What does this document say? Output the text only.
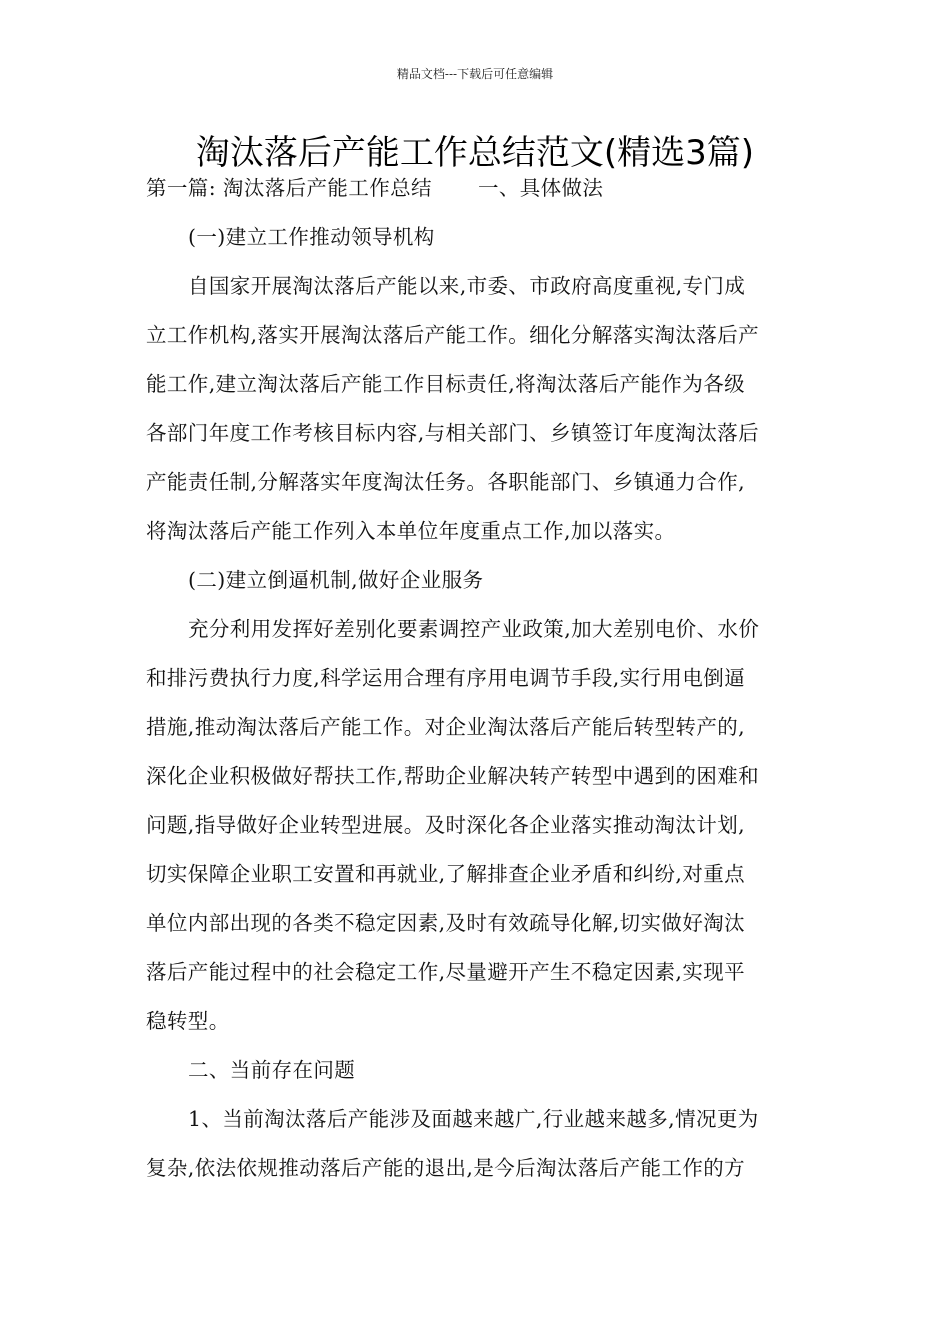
精品文档---下载后可任意编辑
淘汰落后产能工作总结范文(精选3篇)
第一篇: 淘汰落后产能工作总结 一、具体做法
(一)建立工作推动领导机构
自国家开展淘汰落后产能以来,市委、市政府高度重视,专门成
立工作机构,落实开展淘汰落后产能工作。细化分解落实淘汰落后产
能工作,建立淘汰落后产能工作目标责任,将淘汰落后产能作为各级
各部门年度工作考核目标内容,与相关部门、乡镇签订年度淘汰落后
产能责任制,分解落实年度淘汰任务。各职能部门、乡镇通力合作,
将淘汰落后产能工作列入本单位年度重点工作,加以落实。
(二)建立倒逼机制,做好企业服务
充分利用发挥好差别化要素调控产业政策,加大差别电价、水价
和排污费执行力度,科学运用合理有序用电调节手段,实行用电倒逼
措施,推动淘汰落后产能工作。对企业淘汰落后产能后转型转产的,
深化企业积极做好帮扶工作,帮助企业解决转产转型中遇到的困难和
问题,指导做好企业转型进展。及时深化各企业落实推动淘汰计划,
切实保障企业职工安置和再就业,了解排查企业矛盾和纠纷,对重点
单位内部出现的各类不稳定因素,及时有效疏导化解,切实做好淘汰
落后产能过程中的社会稳定工作,尽量避开产生不稳定因素,实现平
稳转型。
二、当前存在问题
1、当前淘汰落后产能涉及面越来越广,行业越来越多,情况更为
复杂,依法依规推动落后产能的退出,是今后淘汰落后产能工作的方
